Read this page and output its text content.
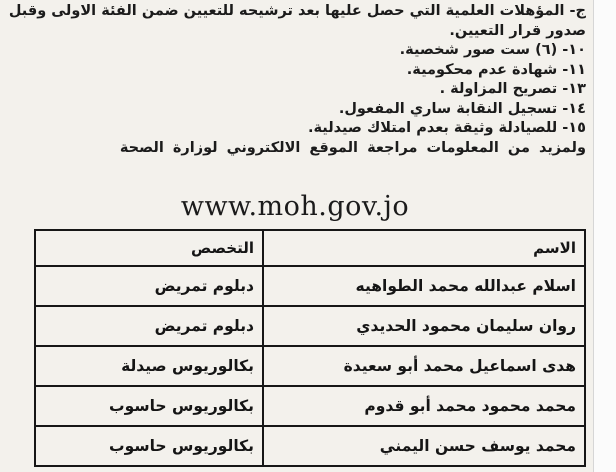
ج- المؤهلات العلمية التي حصل عليها بعد ترشيحه للتعيين ضمن الفئة الاولى وقبل
صدور قرار التعيين.
١٠- (٦) ست صور شخصية.
١١- شهادة عدم محكومية.
١٣- تصريح المزاولة .
١٤- تسجيل النقابة ساري المفعول.
١٥- للصيادلة وثيقة بعدم امتلاك صيدلية.
ولمزيد من المعلومات مراجعة الموقع الالكتروني لوزارة الصحة
www.moh.gov.jo
الاسم	التخصص
اسلام عبدالله محمد الطواهيه	دبلوم تمريض
روان سليمان محمود الحديدي	دبلوم تمريض
هدى اسماعيل محمد أبو سعيدة	بكالوريوس صيدلة
محمد محمود محمد أبو قدوم	بكالوريوس حاسوب
محمد يوسف حسن اليمني	بكالوريوس حاسوب
